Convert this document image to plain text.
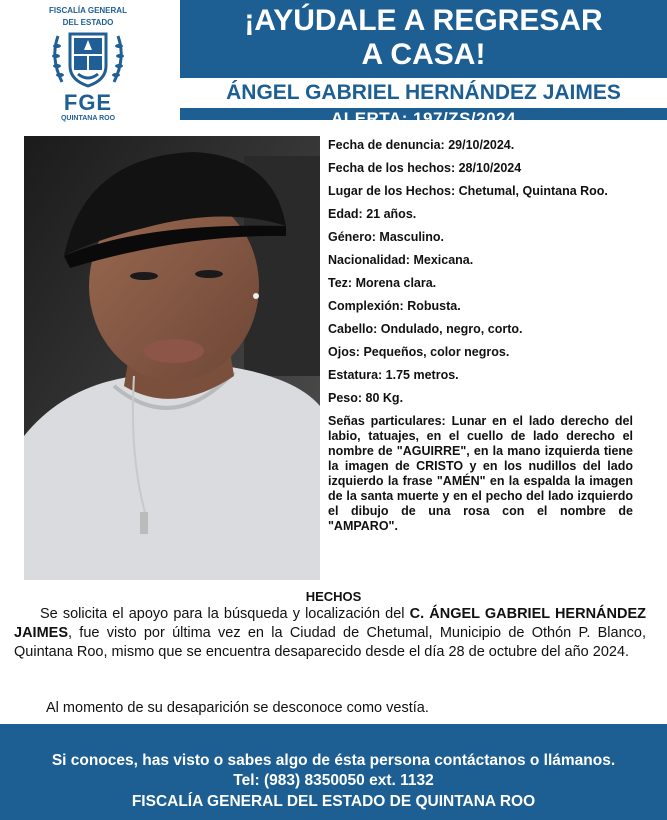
FISCALÍA GENERAL
DEL ESTADO
FGE
QUINTANA ROO
¡AYÚDALE A REGRESAR
A CASA!
ÁNGEL GABRIEL HERNÁNDEZ JAIMES
ALERTA: 197/ZS/2024
Fecha de denuncia: 29/10/2024.
Fecha de los hechos: 28/10/2024
Lugar de los Hechos: Chetumal, Quintana Roo.
Edad: 21 años.
Género: Masculino.
Nacionalidad: Mexicana.
Tez: Morena clara.
Complexión: Robusta.
Cabello: Ondulado, negro, corto.
Ojos: Pequeños, color negros.
Estatura: 1.75 metros.
Peso: 80 Kg.
Señas particulares: Lunar en el lado derecho del labio, tatuajes, en el cuello de lado derecho el nombre de "AGUIRRE", en la mano izquierda tiene la imagen de CRISTO y en los nudillos del lado izquierdo la frase "AMÉN" en la espalda la imagen de la santa muerte y en el pecho del lado izquierdo el dibujo de una rosa con el nombre de "AMPARO".
HECHOS
Se solicita el apoyo para la búsqueda y localización del C. ÁNGEL GABRIEL HERNÁNDEZ JAIMES, fue visto por última vez en la Ciudad de Chetumal, Municipio de Othón P. Blanco, Quintana Roo, mismo que se encuentra desaparecido desde el día 28 de octubre del año 2024.
Al momento de su desaparición se desconoce como vestía.
Si conoces, has visto o sabes algo de ésta persona contáctanos o llámanos.
Tel: (983) 8350050 ext. 1132
FISCALÍA GENERAL DEL ESTADO DE QUINTANA ROO
